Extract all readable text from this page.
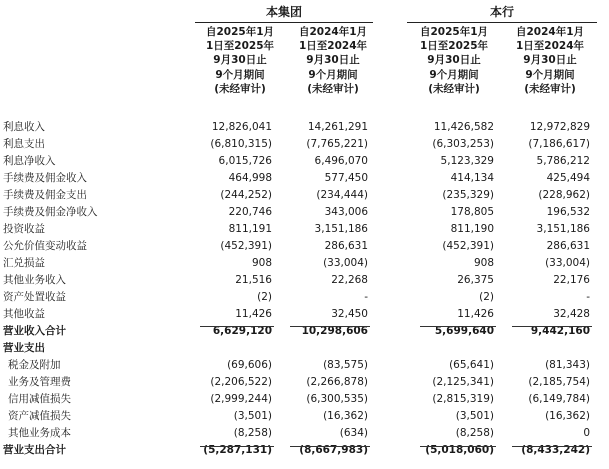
本集团	本行
自2025年1月
1日至2025年
9月30日止
9个月期间
(未经审计)
自2024年1月
1日至2024年
9月30日止
9个月期间
(未经审计)
自2025年1月
1日至2025年
9月30日止
9个月期间
(未经审计)
自2024年1月
1日至2024年
9月30日止
9个月期间
(未经审计)
利息收入	12,826,041	14,261,291	11,426,582	12,972,829
利息支出	(6,810,315)	(7,765,221)	(6,303,253)	(7,186,617)
利息净收入	6,015,726	6,496,070	5,123,329	5,786,212
手续费及佣金收入	464,998	577,450	414,134	425,494
手续费及佣金支出	(244,252)	(234,444)	(235,329)	(228,962)
手续费及佣金净收入	220,746	343,006	178,805	196,532
投资收益	811,191	3,151,186	811,190	3,151,186
公允价值变动收益	(452,391)	286,631	(452,391)	286,631
汇兑损益	908	(33,004)	908	(33,004)
其他业务收入	21,516	22,268	26,375	22,176
资产处置收益	(2)	-	(2)	-
其他收益	11,426	32,450	11,426	32,428
营业收入合计	6,629,120	10,298,606	5,699,640	9,442,160
营业支出
税金及附加	(69,606)	(83,575)	(65,641)	(81,343)
业务及管理费	(2,206,522)	(2,266,878)	(2,125,341)	(2,185,754)
信用减值损失	(2,999,244)	(6,300,535)	(2,815,319)	(6,149,784)
资产减值损失	(3,501)	(16,362)	(3,501)	(16,362)
其他业务成本	(8,258)	(634)	(8,258)	0
营业支出合计	(5,287,131)	(8,667,983)	(5,018,060)	(8,433,242)
